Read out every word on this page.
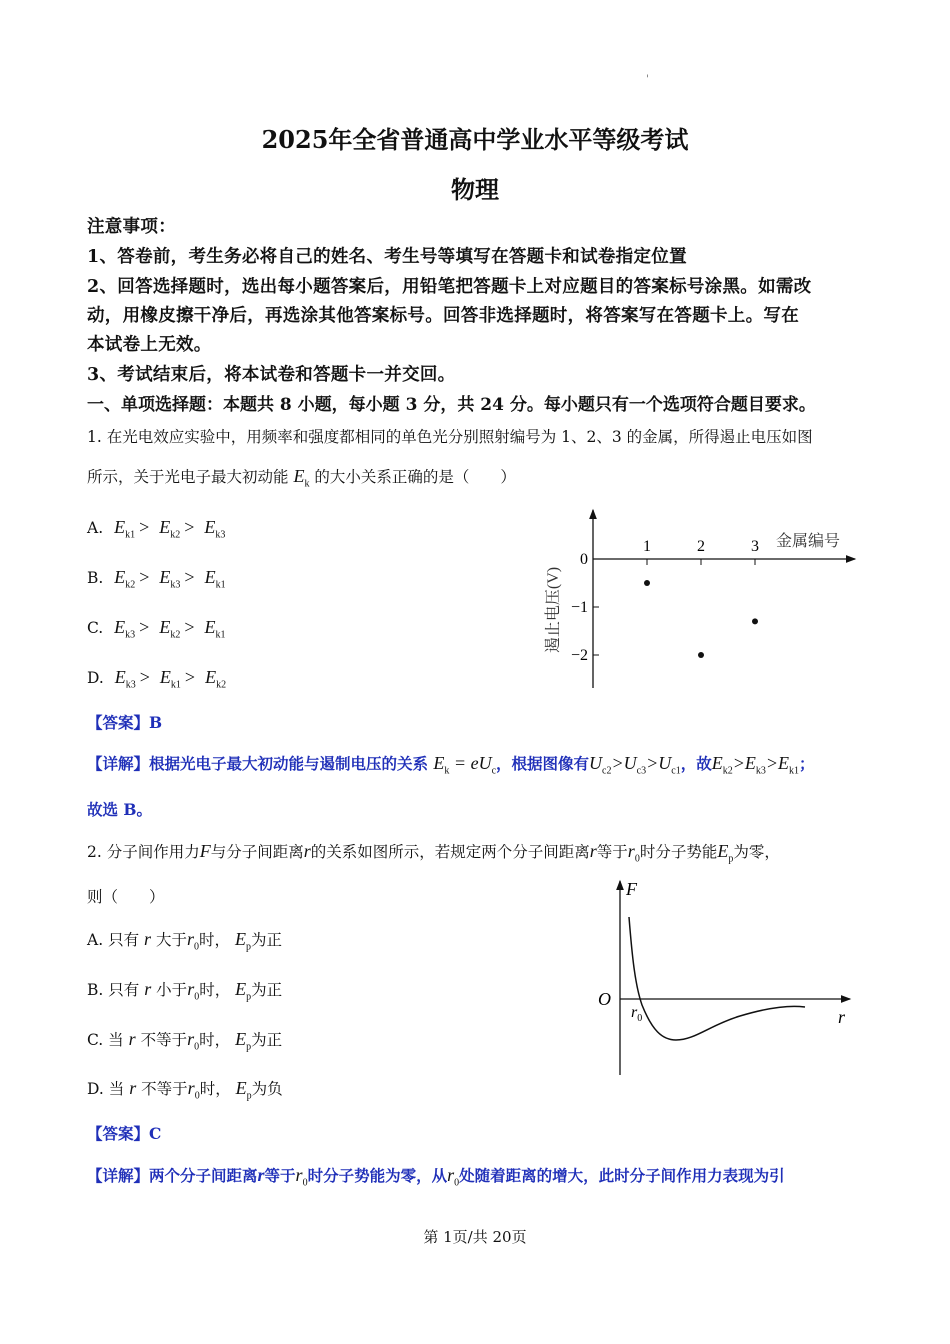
'
2025年全省普通高中学业水平等级考试
物理
注意事项：
1、答卷前，考生务必将自己的姓名、考生号等填写在答题卡和试卷指定位置
2、回答选择题时，选出每小题答案后，用铅笔把答题卡上对应题目的答案标号涂黑。如需改
动，用橡皮擦干净后，再选涂其他答案标号。回答非选择题时，将答案写在答题卡上。写在
本试卷上无效。
3、考试结束后，将本试卷和答题卡一并交回。
一、单项选择题：本题共 8 小题，每小题 3 分，共 24 分。每小题只有一个选项符合题目要求。
1. 在光电效应实验中，用频率和强度都相同的单色光分别照射编号为 1、2、3 的金属，所得遏止电压如图
所示，关于光电子最大初动能 $E_k$ 的大小关系正确的是（　　）
A. $E_{k1} > E_{k2} > E_{k3}$
B. $E_{k2} > E_{k3} > E_{k1}$
C. $E_{k3} > E_{k2} > E_{k1}$
D. $E_{k3} > E_{k1} > E_{k2}$
【答案】B
【详解】根据光电子最大初动能与遏制电压的关系 $E_k = eU_c$，根据图像有$U_{c2}>U_{c3}>U_{c1}$，故$E_{k2}>E_{k3}>E_{k1}$；
故选 B。
遏止电压(V)
金属编号
1	2	3
0
−1
−2
2. 分子间作用力F与分子间距离r的关系如图所示，若规定两个分子间距离r等于$r_0$时分子势能$E_p$为零，
则（　　）
A. 只有 r 大于$r_0$时， $E_p$为正
B. 只有 r 小于$r_0$时， $E_p$为正
C. 当 r 不等于$r_0$时， $E_p$为正
D. 当 r 不等于$r_0$时， $E_p$为负
【答案】C
【详解】两个分子间距离r等于$r_0$时分子势能为零，从$r_0$处随着距离的增大，此时分子间作用力表现为引
F
r
O
$r_0$
第 1页/共 20页
